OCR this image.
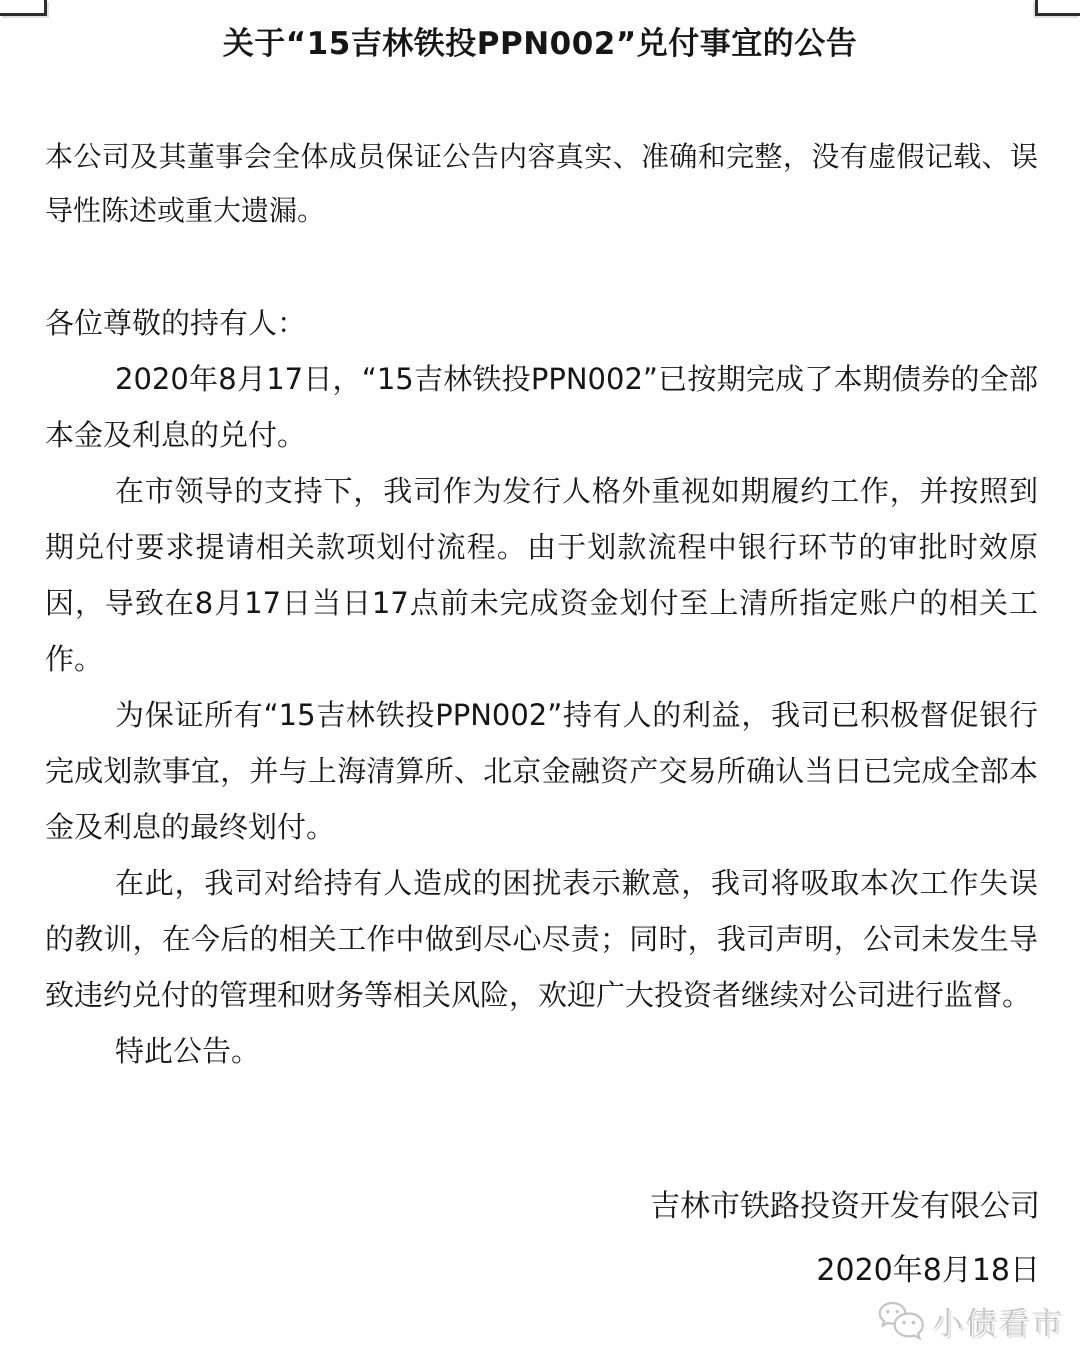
关于“15吉林铁投PPN002”兑付事宜的公告

本公司及其董事会全体成员保证公告内容真实、准确和完整，没有虚假记载、误导性陈述或重大遗漏。

各位尊敬的持有人：

2020年8月17日，“15吉林铁投PPN002”已按期完成了本期债券的全部本金及利息的兑付。

在市领导的支持下，我司作为发行人格外重视如期履约工作，并按照到期兑付要求提请相关款项划付流程。由于划款流程中银行环节的审批时效原因，导致在8月17日当日17点前未完成资金划付至上清所指定账户的相关工作。

为保证所有“15吉林铁投PPN002”持有人的利益，我司已积极督促银行完成划款事宜，并与上海清算所、北京金融资产交易所确认当日已完成全部本金及利息的最终划付。

在此，我司对给持有人造成的困扰表示歉意，我司将吸取本次工作失误的教训，在今后的相关工作中做到尽心尽责；同时，我司声明，公司未发生导致违约兑付的管理和财务等相关风险，欢迎广大投资者继续对公司进行监督。

特此公告。

吉林市铁路投资开发有限公司
2020年8月18日
小债看市
